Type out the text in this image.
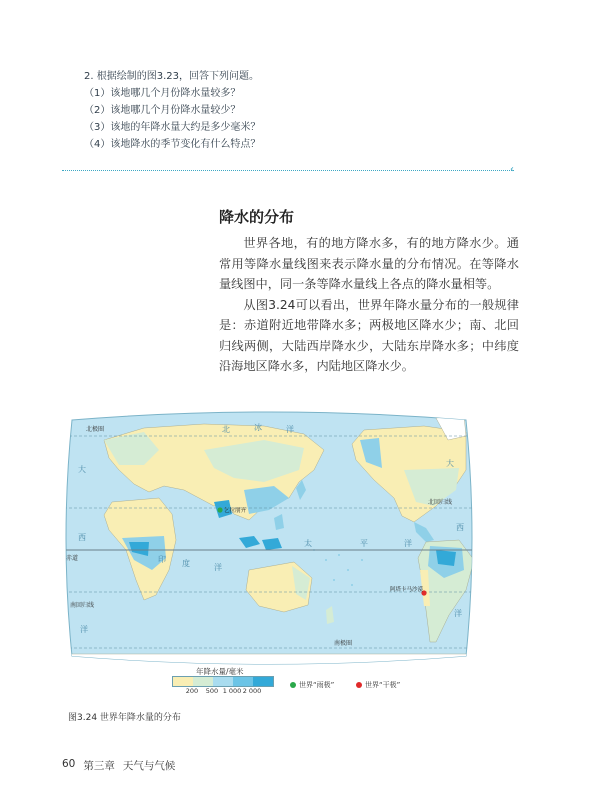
2. 根据绘制的图3.23，回答下列问题。
（1）该地哪几个月份降水量较多？
（2）该地哪几个月份降水量较少？
（3）该地的年降水量大约是多少毫米？
（4）该地降水的季节变化有什么特点？
‹
降水的分布

世界各地，有的地方降水多，有的地方降水少。通常用等降水量线图来表示降水量的分布情况。在等降水量线图中，同一条等降水量线上各点的降水量相等。

从图3.24可以看出，世界年降水量分布的一般规律是：赤道附近地带降水多；两极地区降水少；南、北回归线两侧，大陆西岸降水少，大陆东岸降水多；中纬度沿海地区降水多，内陆地区降水少。

北极圈
北回归线
赤道
南回归线
南极圈
北	冰	洋
大
西
洋
印 度	洋
太	平	洋
大
西
洋
乞拉朋齐
阿塔卡马沙漠
年降水量/毫米
200 500 1 000 2 000
世界“雨极”	世界“干极”
图3.24 世界年降水量的分布
60 第三章 天气与气候
